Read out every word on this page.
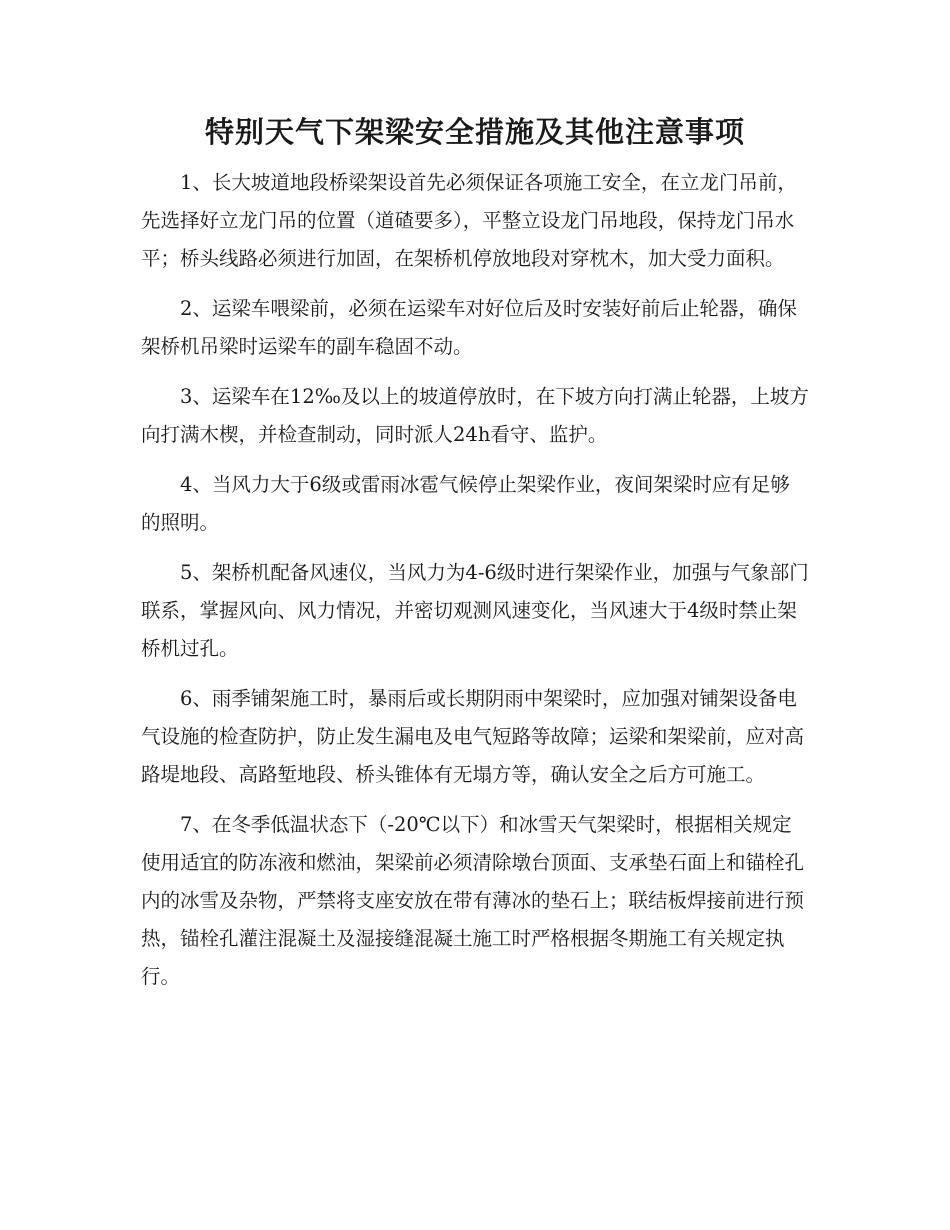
特别天气下架梁安全措施及其他注意事项

1、长大坡道地段桥梁架设首先必须保证各项施工安全，在立龙门吊前，先选择好立龙门吊的位置（道碴要多），平整立设龙门吊地段，保持龙门吊水平；桥头线路必须进行加固，在架桥机停放地段对穿枕木，加大受力面积。

2、运梁车喂梁前，必须在运梁车对好位后及时安装好前后止轮器，确保架桥机吊梁时运梁车的副车稳固不动。

3、运梁车在12‰及以上的坡道停放时，在下坡方向打满止轮器，上坡方向打满木楔，并检查制动，同时派人24h看守、监护。

4、当风力大于6级或雷雨冰雹气候停止架梁作业，夜间架梁时应有足够的照明。

5、架桥机配备风速仪，当风力为4-6级时进行架梁作业，加强与气象部门联系，掌握风向、风力情况，并密切观测风速变化，当风速大于4级时禁止架桥机过孔。

6、雨季铺架施工时，暴雨后或长期阴雨中架梁时，应加强对铺架设备电气设施的检查防护，防止发生漏电及电气短路等故障；运梁和架梁前，应对高路堤地段、高路堑地段、桥头锥体有无塌方等，确认安全之后方可施工。

7、在冬季低温状态下（-20℃以下）和冰雪天气架梁时，根据相关规定使用适宜的防冻液和燃油，架梁前必须清除墩台顶面、支承垫石面上和锚栓孔内的冰雪及杂物，严禁将支座安放在带有薄冰的垫石上；联结板焊接前进行预热，锚栓孔灌注混凝土及湿接缝混凝土施工时严格根据冬期施工有关规定执行。
